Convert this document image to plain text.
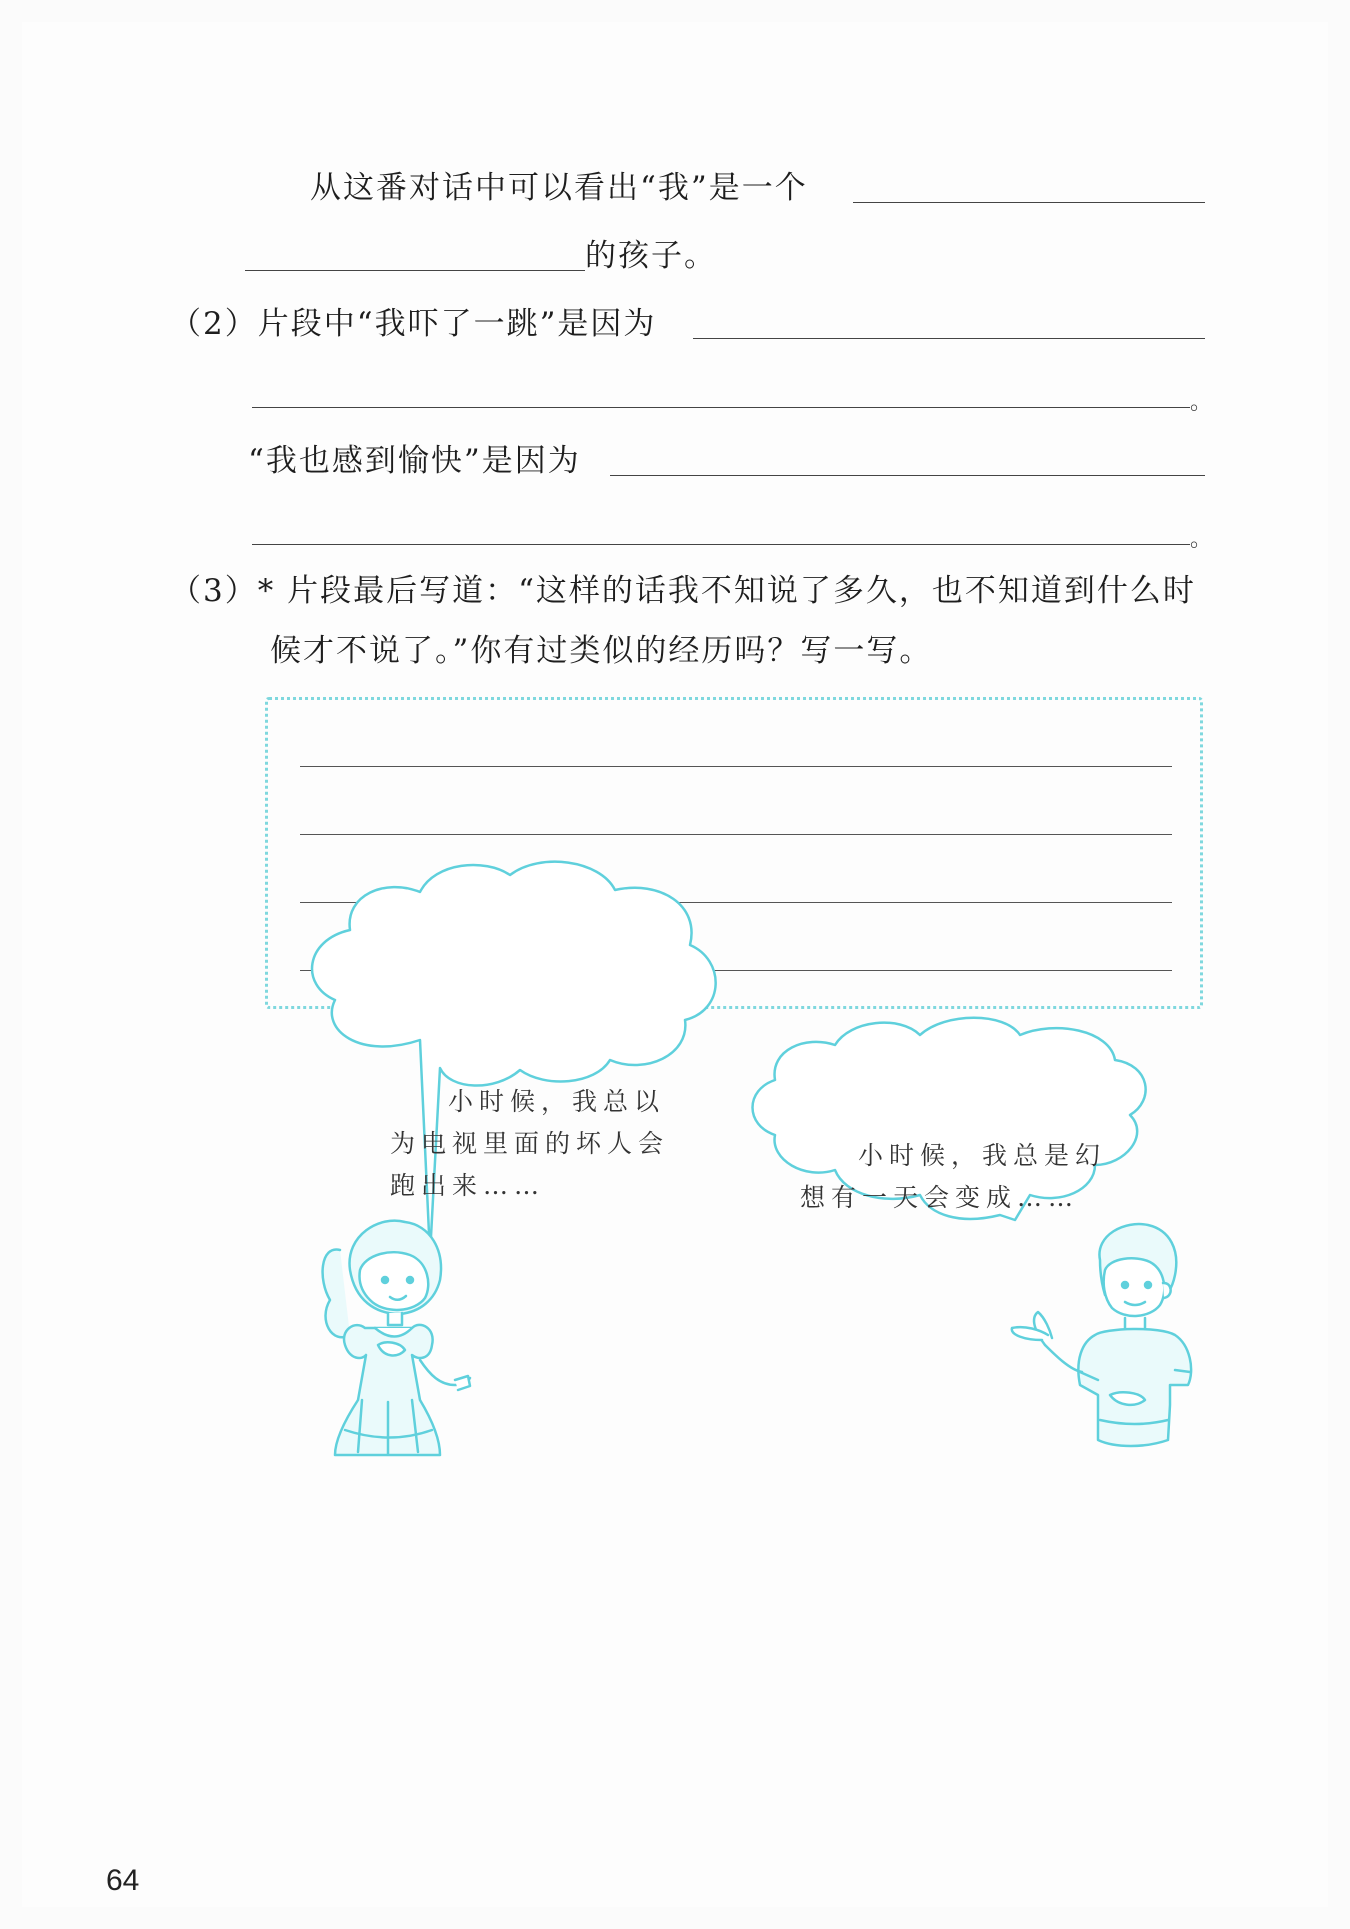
从这番对话中可以看出“我”是一个
的孩子。
（2）片段中“我吓了一跳”是因为
。
“我也感到愉快”是因为
。
（3）* 片段最后写道：“这样的话我不知说了多久，也不知道到什么时
候才不说了。”你有过类似的经历吗？写一写。
小时候，我总以
为电视里面的坏人会
跑出来……
小时候，我总是幻
想有一天会变成……
64
